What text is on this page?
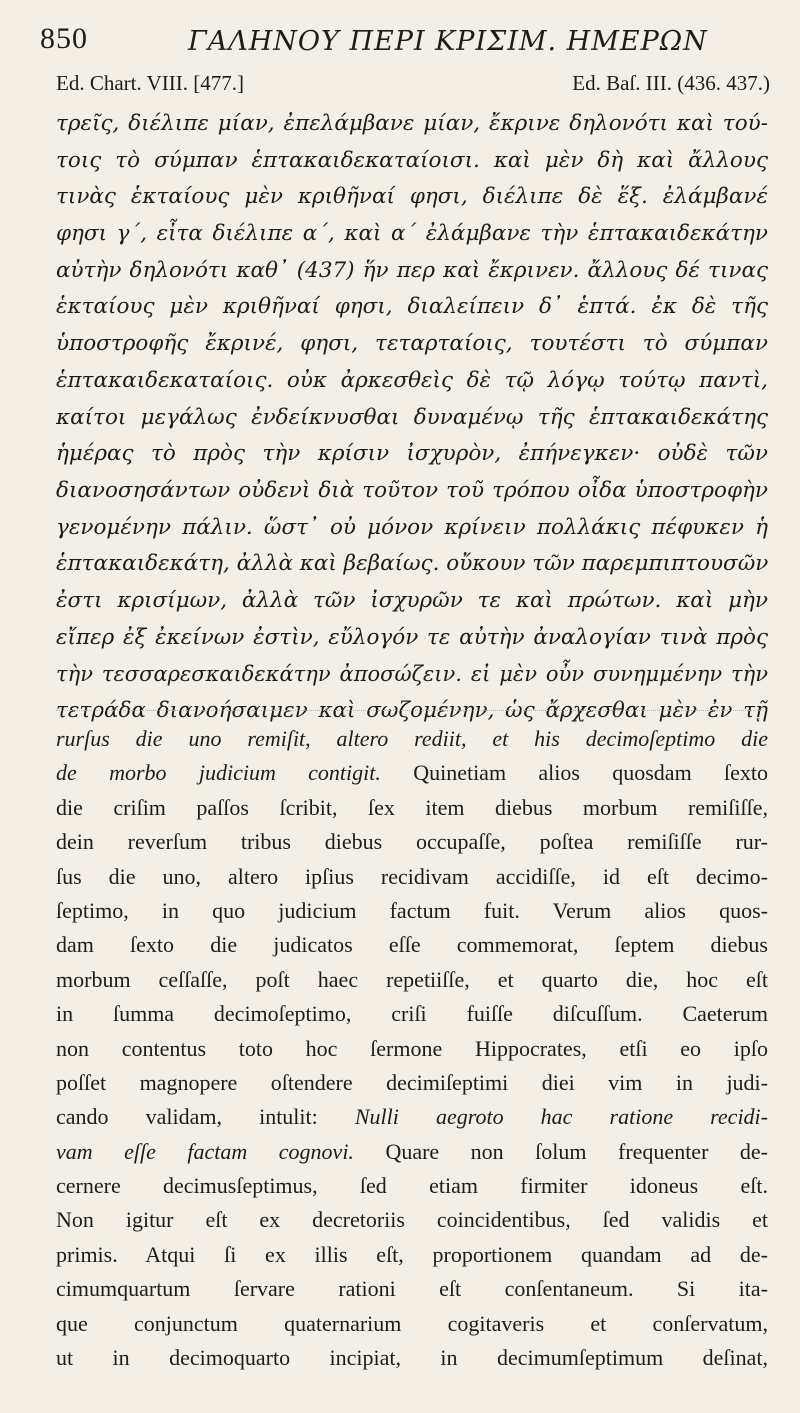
850	ΓΑΛΗΝΟΥ ΠΕΡΙ ΚΡΙΣΙΜ. ΗΜΕΡΩΝ
Ed. Chart. VIII. [477.]	Ed. Baſ. III. (436. 437.)
τρεῖς, διέλιπε μίαν, ἐπελάμβανε μίαν, ἔκρινε δηλονότι καὶ τού-
τοις τὸ σύμπαν ἑπτακαιδεκαταίοισι. καὶ μὲν δὴ καὶ ἄλλους
τινὰς ἑκταίους μὲν κριθῆναί φησι, διέλιπε δὲ ἕξ. ἐλάμβανέ
φησι γ΄, εἶτα διέλιπε α΄, καὶ α΄ ἐλάμβανε τὴν ἑπτακαιδεκάτην
αὐτὴν δηλονότι καθ᾿ (437) ἥν περ καὶ ἔκρινεν. ἄλλους δέ τινας
ἑκταίους μὲν κριθῆναί φησι, διαλείπειν δ᾿ ἑπτά. ἐκ δὲ τῆς
ὑποστροφῆς ἔκρινέ, φησι, τεταρταίοις, τουτέστι τὸ σύμπαν
ἑπτακαιδεκαταίοις. οὐκ ἀρκεσθεὶς δὲ τῷ λόγῳ τούτῳ παντὶ,
καίτοι μεγάλως ἐνδείκνυσθαι δυναμένῳ τῆς ἑπτακαιδεκάτης
ἡμέρας τὸ πρὸς τὴν κρίσιν ἰσχυρὸν, ἐπήνεγκεν· οὐδὲ τῶν
διανοσησάντων οὐδενὶ διὰ τοῦτον τοῦ τρόπου οἶδα ὑποστροφὴν
γενομένην πάλιν. ὥστ᾿ οὐ μόνον κρίνειν πολλάκις πέφυκεν ἡ
ἑπτακαιδεκάτη, ἀλλὰ καὶ βεβαίως. οὔκουν τῶν παρεμπιπτουσῶν
ἐστι κρισίμων, ἀλλὰ τῶν ἰσχυρῶν τε καὶ πρώτων. καὶ μὴν
εἴπερ ἐξ ἐκείνων ἐστὶν, εὔλογόν τε αὐτὴν ἀναλογίαν τινὰ πρὸς
τὴν τεσσαρεσκαιδεκάτην ἀποσώζειν. εἰ μὲν οὖν συνημμένην τὴν
τετράδα διανοήσαιμεν καὶ σωζομένην, ὡς ἄρχεσθαι μὲν ἐν τῇ
rurſus die uno remiſit, altero rediit, et his decimoſeptimo die
de morbo judicium contigit. Quinetiam alios quosdam ſexto
die criſim paſſos ſcribit, ſex item diebus morbum remiſiſſe,
dein reverſum tribus diebus occupaſſe, poſtea remiſiſſe rur-
ſus die uno, altero ipſius recidivam accidiſſe, id eſt decimo-
ſeptimo, in quo judicium factum fuit. Verum alios quos-
dam ſexto die judicatos eſſe commemorat, ſeptem diebus
morbum ceſſaſſe, poſt haec repetiiſſe, et quarto die, hoc eſt
in ſumma decimoſeptimo, criſi fuiſſe diſcuſſum. Caeterum
non contentus toto hoc ſermone Hippocrates, etſi eo ipſo
poſſet magnopere oſtendere decimiſeptimi diei vim in judi-
cando validam, intulit: Nulli aegroto hac ratione recidi-
vam eſſe factam cognovi. Quare non ſolum frequenter de-
cernere decimusſeptimus, ſed etiam firmiter idoneus eſt.
Non igitur eſt ex decretoriis coincidentibus, ſed validis et
primis. Atqui ſi ex illis eſt, proportionem quandam ad de-
cimumquartum ſervare rationi eſt conſentaneum. Si ita-
que conjunctum quaternarium cogitaveris et conſervatum,
ut in decimoquarto incipiat, in decimumſeptimum deſinat,
